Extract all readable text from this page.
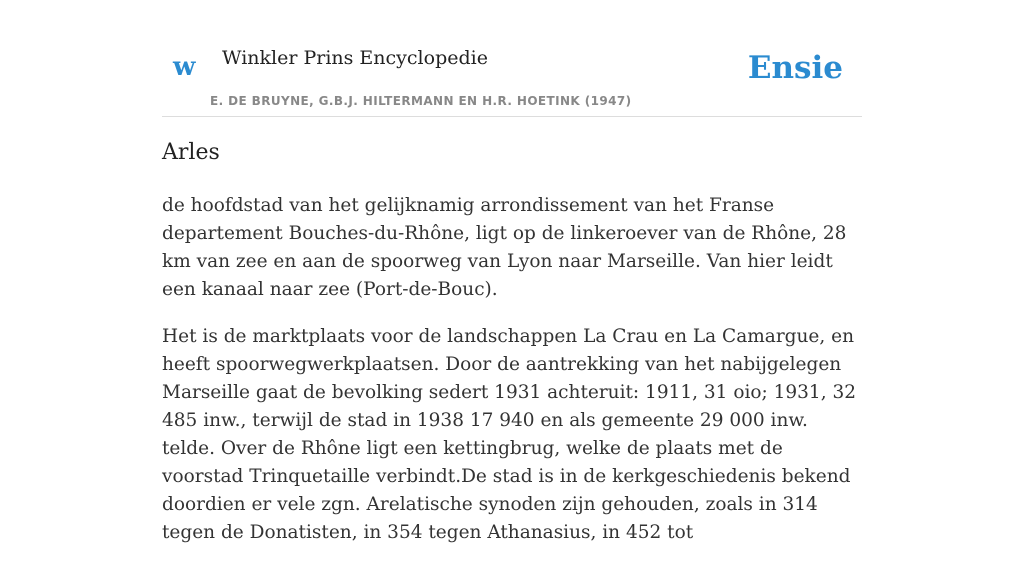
w Winkler Prins Encyclopedie
E. DE BRUYNE, G.B.J. HILTERMANN EN H.R. HOETINK (1947)
Ensie
Arles

de hoofdstad van het gelijknamig arrondissement van het Franse departement Bouches-du-Rhône, ligt op de linkeroever van de Rhône, 28 km van zee en aan de spoorweg van Lyon naar Marseille. Van hier leidt een kanaal naar zee (Port-de-Bouc).

Het is de marktplaats voor de landschappen La Crau en La Camargue, en heeft spoorwegwerkplaatsen. Door de aantrekking van het nabijgelegen Marseille gaat de bevolking sedert 1931 achteruit: 1911, 31 oio; 1931, 32 485 inw., terwijl de stad in 1938 17 940 en als gemeente 29 000 inw. telde. Over de Rhône ligt een kettingbrug, welke de plaats met de voorstad Trinquetaille verbindt.De stad is in de kerkgeschiedenis bekend doordien er vele zgn. Arelatische synoden zijn gehouden, zoals in 314 tegen de Donatisten, in 354 tegen Athanasius, in 452 tot
